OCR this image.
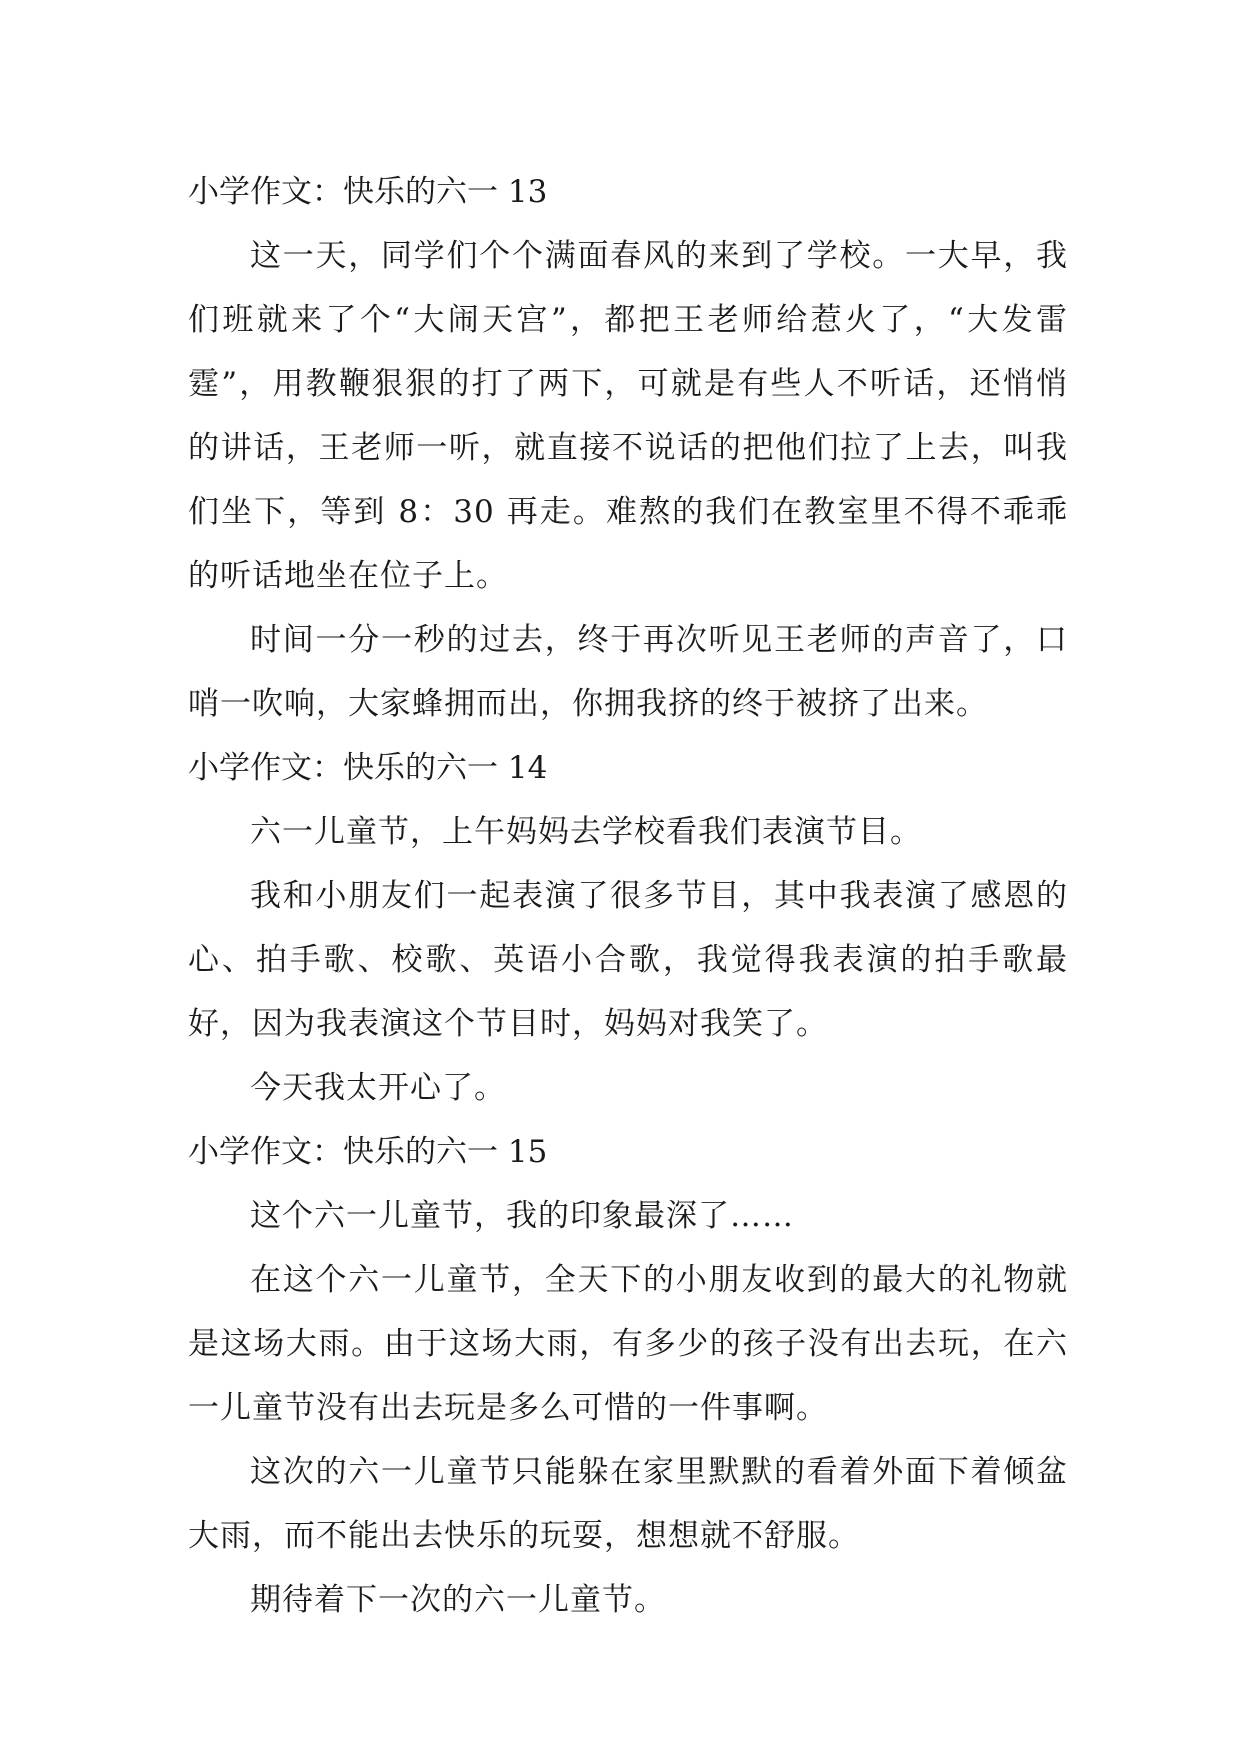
小学作文：快乐的六一 13

这一天，同学们个个满面春风的来到了学校。一大早，我们班就来了个“大闹天宫”，都把王老师给惹火了，“大发雷霆”，用教鞭狠狠的打了两下，可就是有些人不听话，还悄悄的讲话，王老师一听，就直接不说话的把他们拉了上去，叫我们坐下，等到 8：30 再走。难熬的我们在教室里不得不乖乖的听话地坐在位子上。

时间一分一秒的过去，终于再次听见王老师的声音了，口哨一吹响，大家蜂拥而出，你拥我挤的终于被挤了出来。

小学作文：快乐的六一 14

六一儿童节，上午妈妈去学校看我们表演节目。

我和小朋友们一起表演了很多节目，其中我表演了感恩的心、拍手歌、校歌、英语小合歌，我觉得我表演的拍手歌最好，因为我表演这个节目时，妈妈对我笑了。

今天我太开心了。

小学作文：快乐的六一 15

这个六一儿童节，我的印象最深了……

在这个六一儿童节，全天下的小朋友收到的最大的礼物就是这场大雨。由于这场大雨，有多少的孩子没有出去玩，在六一儿童节没有出去玩是多么可惜的一件事啊。

这次的六一儿童节只能躲在家里默默的看着外面下着倾盆大雨，而不能出去快乐的玩耍，想想就不舒服。

期待着下一次的六一儿童节。
